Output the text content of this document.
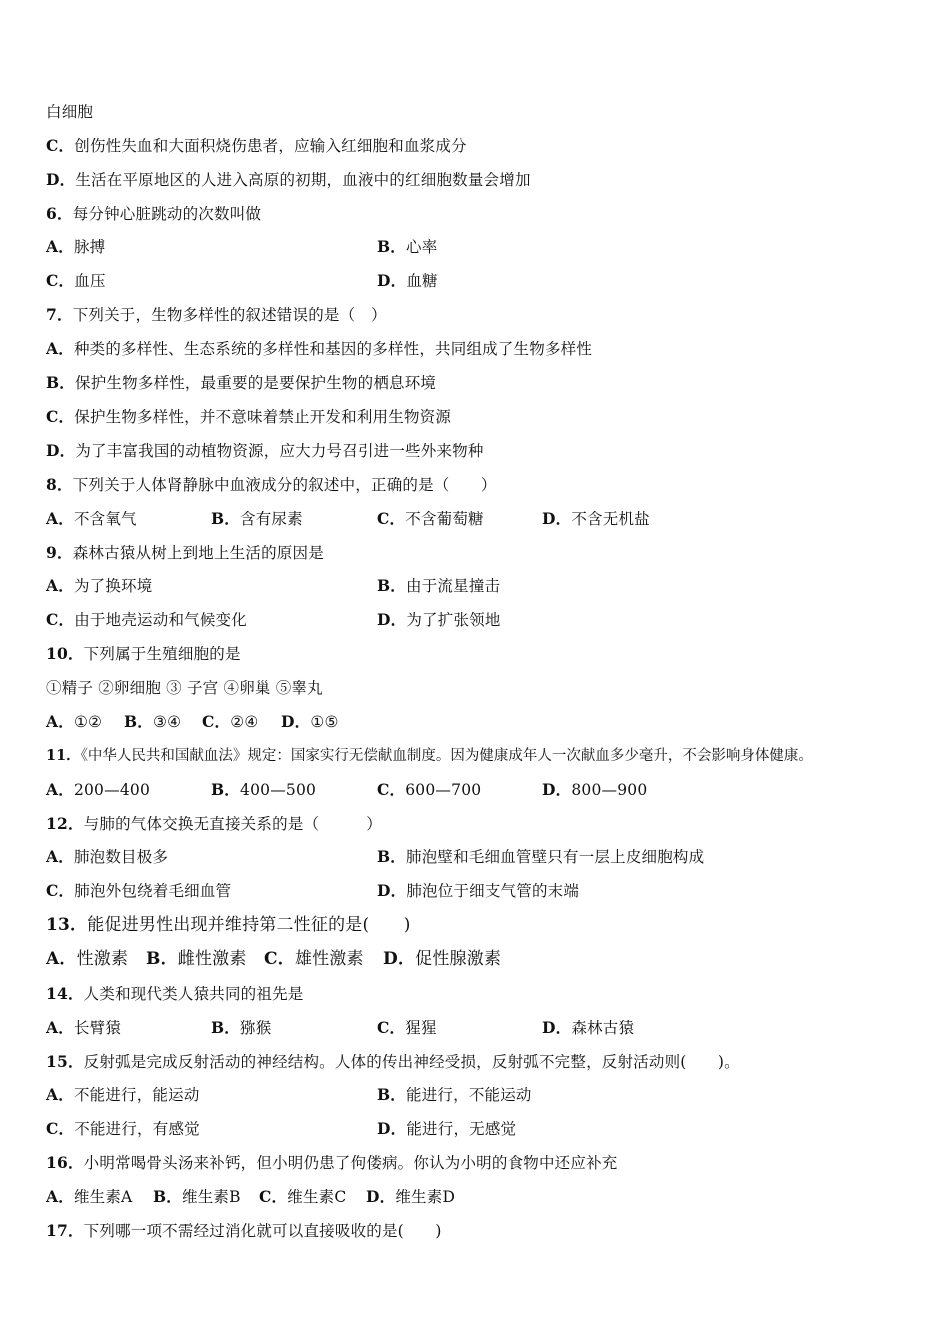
白细胞
C．创伤性失血和大面积烧伤患者，应输入红细胞和血浆成分
D．生活在平原地区的人进入高原的初期，血液中的红细胞数量会增加
6．每分钟心脏跳动的次数叫做
A．脉搏	B．心率
C．血压	D．血糖
7．下列关于，生物多样性的叙述错误的是（　）
A．种类的多样性、生态系统的多样性和基因的多样性，共同组成了生物多样性
B．保护生物多样性，最重要的是要保护生物的栖息环境
C．保护生物多样性，并不意味着禁止开发和利用生物资源
D．为了丰富我国的动植物资源，应大力号召引进一些外来物种
8．下列关于人体肾静脉中血液成分的叙述中，正确的是（　　）
A．不含氧气	B．含有尿素	C．不含葡萄糖	D．不含无机盐
9．森林古猿从树上到地上生活的原因是
A．为了换环境	B．由于流星撞击
C．由于地壳运动和气候变化	D．为了扩张领地
10．下列属于生殖细胞的是
①精子 ②卵细胞 ③ 子宫 ④卵巢 ⑤睾丸
A．①② B．③④ C．②④ D．①⑤
11．《中华人民共和国献血法》规定：国家实行无偿献血制度。因为健康成年人一次献血多少毫升，不会影响身体健康。
A．200—400	B．400—500	C．600—700	D．800—900
12．与肺的气体交换无直接关系的是（　　　）
A．肺泡数目极多	B．肺泡壁和毛细血管壁只有一层上皮细胞构成
C．肺泡外包绕着毛细血管	D．肺泡位于细支气管的末端
13．能促进男性出现并维持第二性征的是(　　)
A．性激素 B．雌性激素 C．雄性激素 D．促性腺激素
14．人类和现代类人猿共同的祖先是
A．长臂猿	B．猕猴	C．猩猩	D．森林古猿
15．反射弧是完成反射活动的神经结构。人体的传出神经受损，反射弧不完整，反射活动则(　　)。
A．不能进行，能运动	B．能进行，不能运动
C．不能进行，有感觉	D．能进行，无感觉
16．小明常喝骨头汤来补钙，但小明仍患了佝偻病。你认为小明的食物中还应补充
A．维生素A B．维生素B C．维生素C D．维生素D
17．下列哪一项不需经过消化就可以直接吸收的是(　　)
